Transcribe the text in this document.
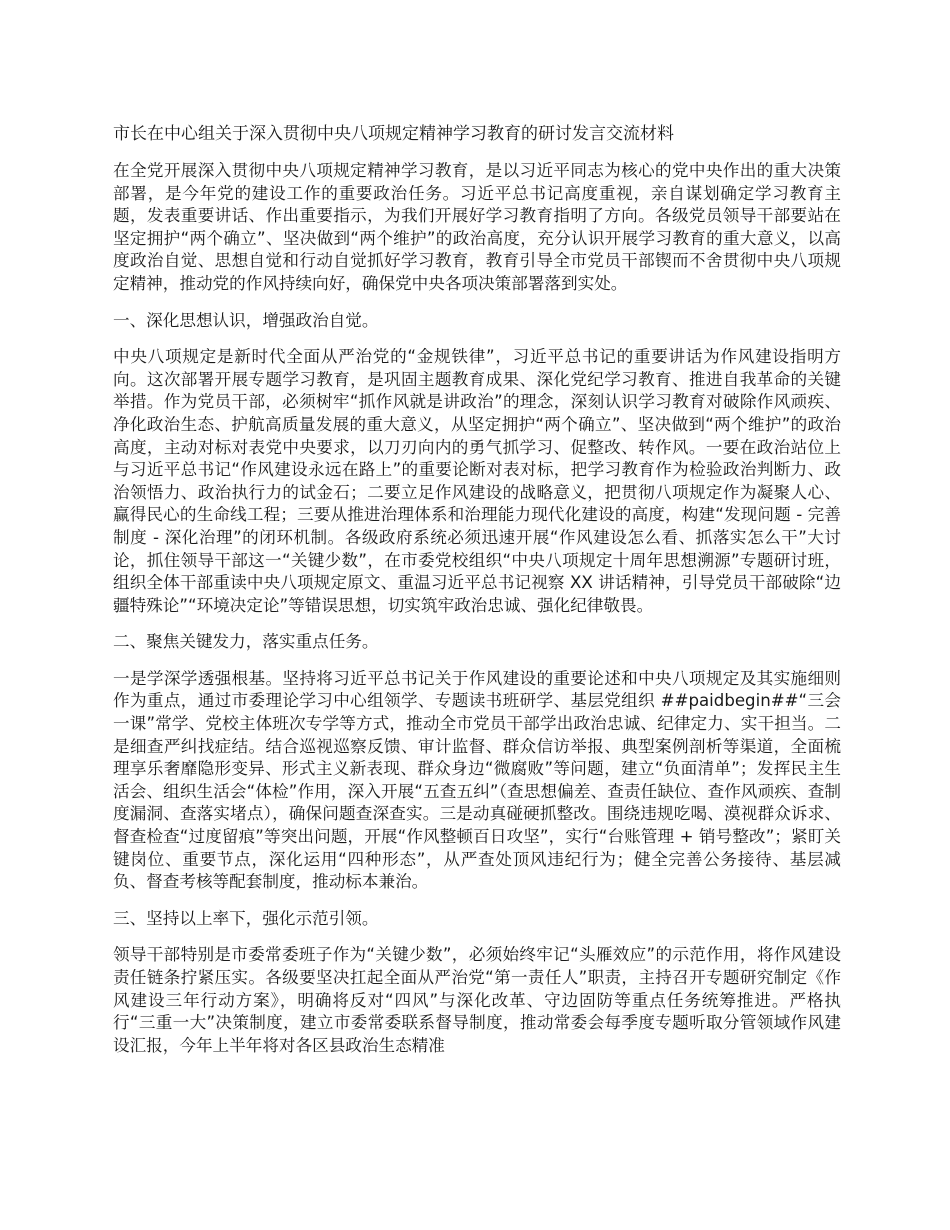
市长在中心组关于深入贯彻中央八项规定精神学习教育的研讨发言交流材料

在全党开展深入贯彻中央八项规定精神学习教育，是以习近平同志为核心的党中央作出的重大决策部署，是今年党的建设工作的重要政治任务。习近平总书记高度重视，亲自谋划确定学习教育主题，发表重要讲话、作出重要指示，为我们开展好学习教育指明了方向。各级党员领导干部要站在坚定拥护“两个确立”、坚决做到“两个维护”的政治高度，充分认识开展学习教育的重大意义，以高度政治自觉、思想自觉和行动自觉抓好学习教育，教育引导全市党员干部锲而不舍贯彻中央八项规定精神，推动党的作风持续向好，确保党中央各项决策部署落到实处。

一、深化思想认识，增强政治自觉。

中央八项规定是新时代全面从严治党的“金规铁律”，习近平总书记的重要讲话为作风建设指明方向。这次部署开展专题学习教育，是巩固主题教育成果、深化党纪学习教育、推进自我革命的关键举措。作为党员干部，必须树牢“抓作风就是讲政治”的理念，深刻认识学习教育对破除作风顽疾、净化政治生态、护航高质量发展的重大意义，从坚定拥护“两个确立”、坚决做到“两个维护”的政治高度，主动对标对表党中央要求，以刀刃向内的勇气抓学习、促整改、转作风。一要在政治站位上与习近平总书记“作风建设永远在路上”的重要论断对表对标，把学习教育作为检验政治判断力、政治领悟力、政治执行力的试金石；二要立足作风建设的战略意义，把贯彻八项规定作为凝聚人心、赢得民心的生命线工程；三要从推进治理体系和治理能力现代化建设的高度，构建“发现问题 - 完善制度 - 深化治理”的闭环机制。各级政府系统必须迅速开展“作风建设怎么看、抓落实怎么干”大讨论，抓住领导干部这一“关键少数”，在市委党校组织“中央八项规定十周年思想溯源”专题研讨班，组织全体干部重读中央八项规定原文、重温习近平总书记视察 XX 讲话精神，引导党员干部破除“边疆特殊论”“环境决定论”等错误思想，切实筑牢政治忠诚、强化纪律敬畏。

二、聚焦关键发力，落实重点任务。

一是学深学透强根基。坚持将习近平总书记关于作风建设的重要论述和中央八项规定及其实施细则作为重点，通过市委理论学习中心组领学、专题读书班研学、基层党组织 ##paidbegin##“三会一课”常学、党校主体班次专学等方式，推动全市党员干部学出政治忠诚、纪律定力、实干担当。二是细查严纠找症结。结合巡视巡察反馈、审计监督、群众信访举报、典型案例剖析等渠道，全面梳理享乐奢靡隐形变异、形式主义新表现、群众身边“微腐败”等问题，建立“负面清单”；发挥民主生活会、组织生活会“体检”作用，深入开展“五查五纠”（查思想偏差、查责任缺位、查作风顽疾、查制度漏洞、查落实堵点），确保问题查深查实。三是动真碰硬抓整改。围绕违规吃喝、漠视群众诉求、督查检查“过度留痕”等突出问题，开展“作风整顿百日攻坚”，实行“台账管理 + 销号整改”；紧盯关键岗位、重要节点，深化运用“四种形态”，从严查处顶风违纪行为；健全完善公务接待、基层减负、督查考核等配套制度，推动标本兼治。

三、坚持以上率下，强化示范引领。

领导干部特别是市委常委班子作为“关键少数”，必须始终牢记“头雁效应”的示范作用，将作风建设责任链条拧紧压实。各级要坚决扛起全面从严治党“第一责任人”职责，主持召开专题研究制定《作风建设三年行动方案》，明确将反对“四风”与深化改革、守边固防等重点任务统筹推进。严格执行“三重一大”决策制度，建立市委常委联系督导制度，推动常委会每季度专题听取分管领域作风建设汇报，今年上半年将对各区县政治生态精准
